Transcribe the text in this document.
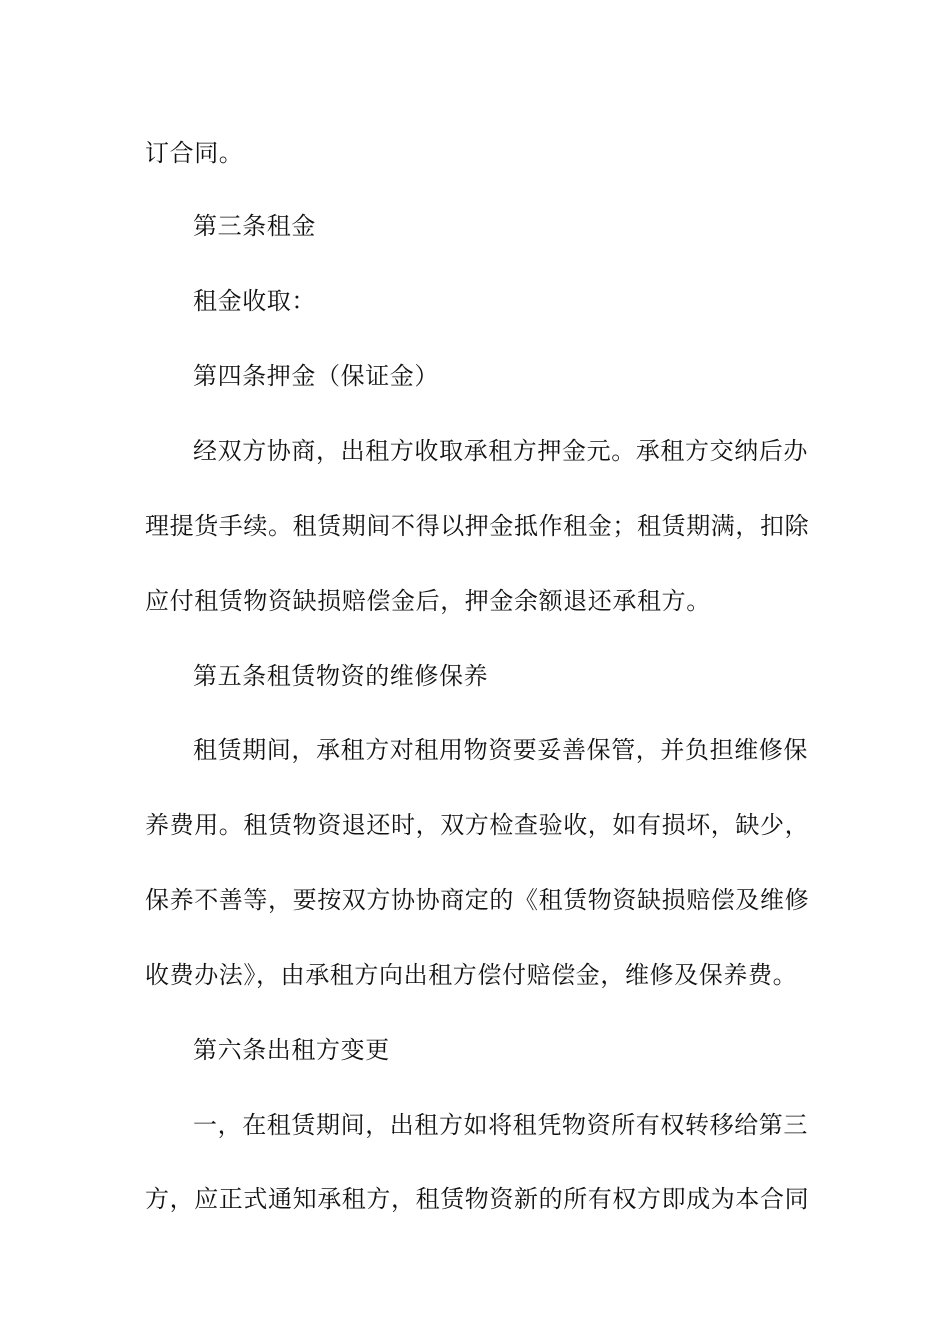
订合同。

第三条租金

租金收取：

第四条押金（保证金）

经双方协商，出租方收取承租方押金元。承租方交纳后办

理提货手续。租赁期间不得以押金抵作租金；租赁期满，扣除

应付租赁物资缺损赔偿金后，押金余额退还承租方。

第五条租赁物资的维修保养

租赁期间，承租方对租用物资要妥善保管，并负担维修保

养费用。租赁物资退还时，双方检查验收，如有损坏，缺少，

保养不善等，要按双方协协商定的《租赁物资缺损赔偿及维修

收费办法》，由承租方向出租方偿付赔偿金，维修及保养费。

第六条出租方变更

一，在租赁期间，出租方如将租凭物资所有权转移给第三

方，应正式通知承租方，租赁物资新的所有权方即成为本合同
